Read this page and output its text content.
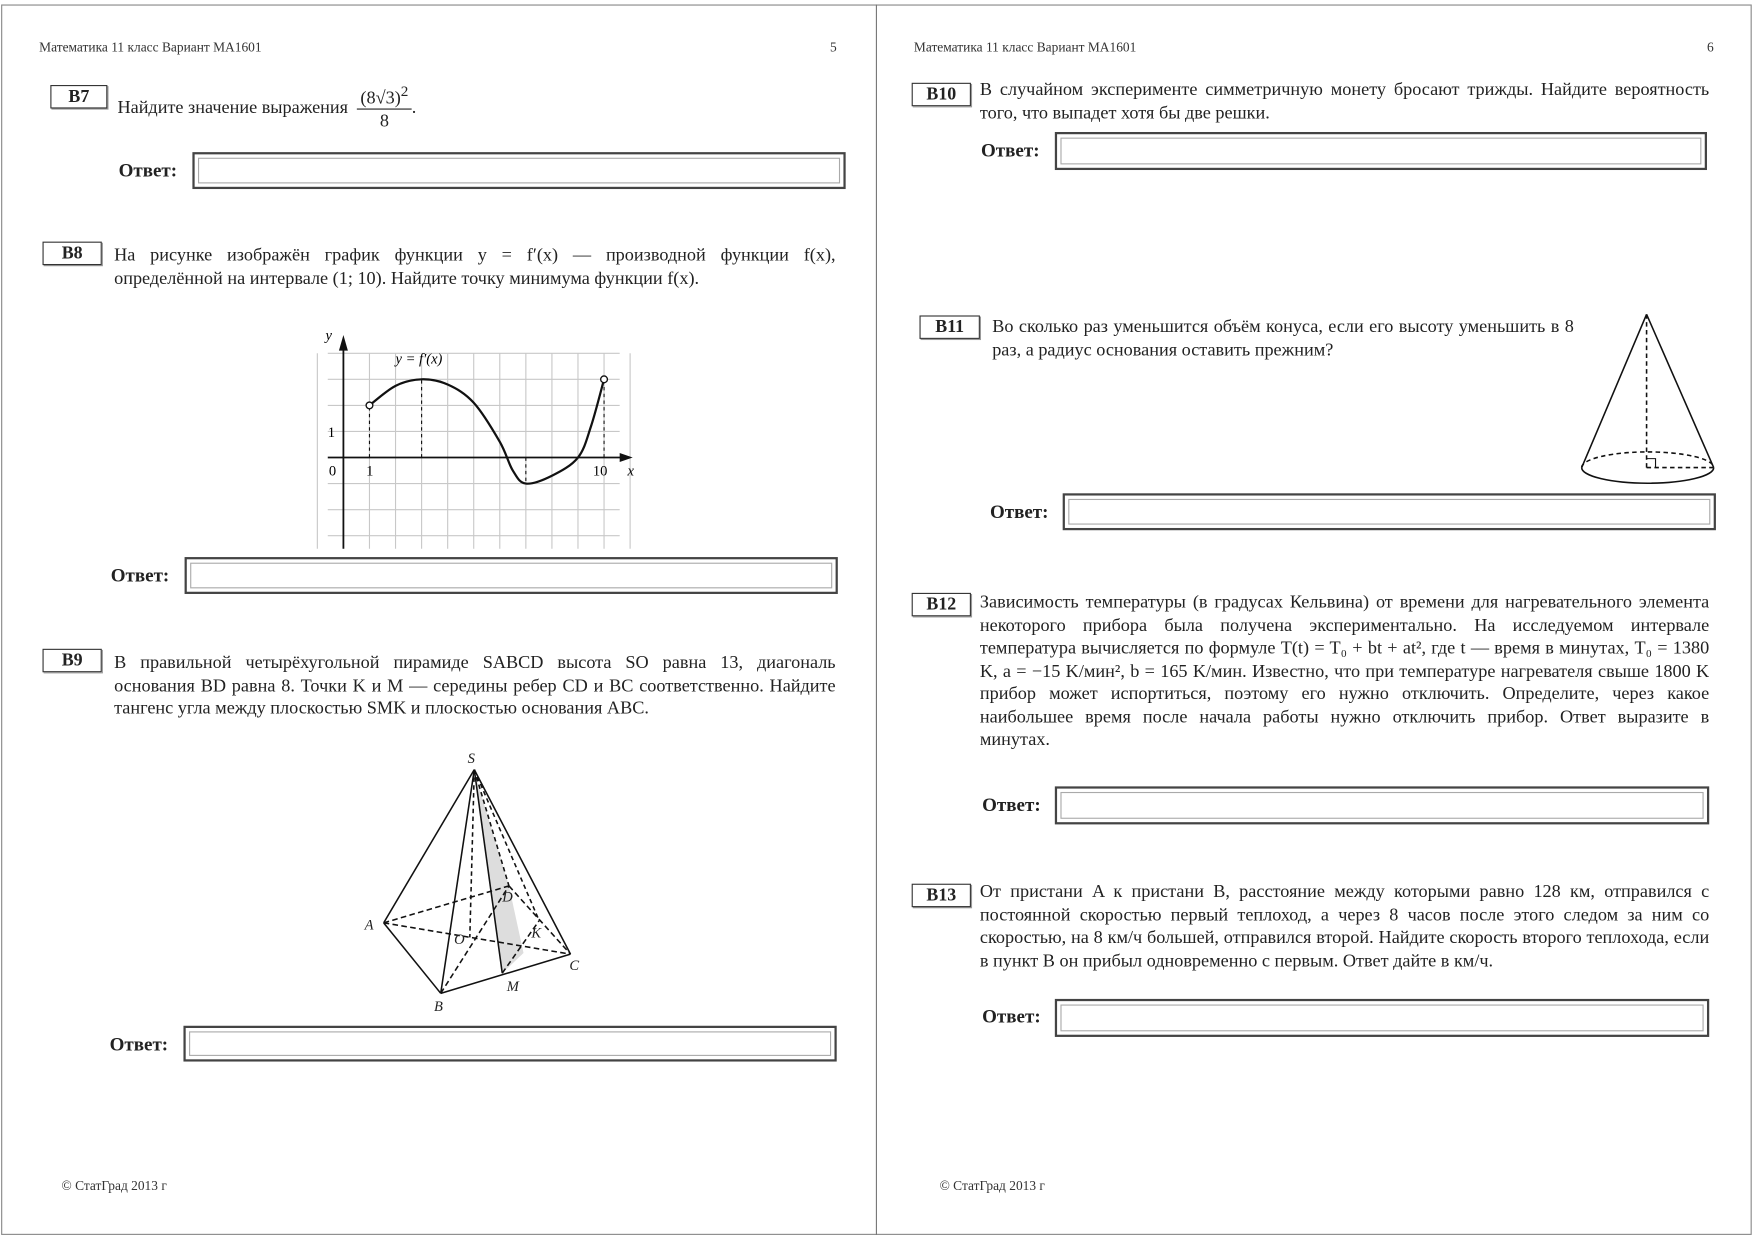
Математика 11 класс Вариант МА1601	5
B7	Найдите значение выражения $\frac{(8√3)^2}{8}$ .
Ответ:
B8	На рисунке изображён график функции y = f′(x) — производной функции f(x), определённой на интервале (1; 10). Найдите точку минимума функции f(x).
Ответ:
B9	В правильной четырёхугольной пирамиде SABCD высота SO равна 13, диагональ основания BD равна 8. Точки K и M — середины ребер CD и BC соответственно. Найдите тангенс угла между плоскостью SMK и плоскостью основания ABC.
Ответ:
© СтатГрад 2013 г
y
x
0 1	10
1
y = f′(x)
S
A
B
C
D
O
M
K
Математика 11 класс Вариант МА1601	6
B10	В случайном эксперименте симметричную монету бросают трижды. Найдите вероятность того, что выпадет хотя бы две решки.
Ответ:
B11	Во сколько раз уменьшится объём конуса, если его высоту уменьшить в 8 раз, а радиус основания оставить прежним?
Ответ:
B12	Зависимость температуры (в градусах Кельвина) от времени для нагревательного элемента некоторого прибора была получена экспериментально. На исследуемом интервале температура вычисляется по формуле T(t) = T₀ + bt + at², где t — время в минутах, T₀ = 1380 K, a = −15 K/мин², b = 165 K/мин. Известно, что при температуре нагревателя свыше 1800 K прибор может испортиться, поэтому его нужно отключить. Определите, через какое наибольшее время после начала работы нужно отключить прибор. Ответ выразите в минутах.
Ответ:
B13	От пристани A к пристани B, расстояние между которыми равно 128 км, отправился с постоянной скоростью первый теплоход, а через 8 часов после этого следом за ним со скоростью, на 8 км/ч большей, отправился второй. Найдите скорость второго теплохода, если в пункт B он прибыл одновременно с первым. Ответ дайте в км/ч.
Ответ:
© СтатГрад 2013 г
